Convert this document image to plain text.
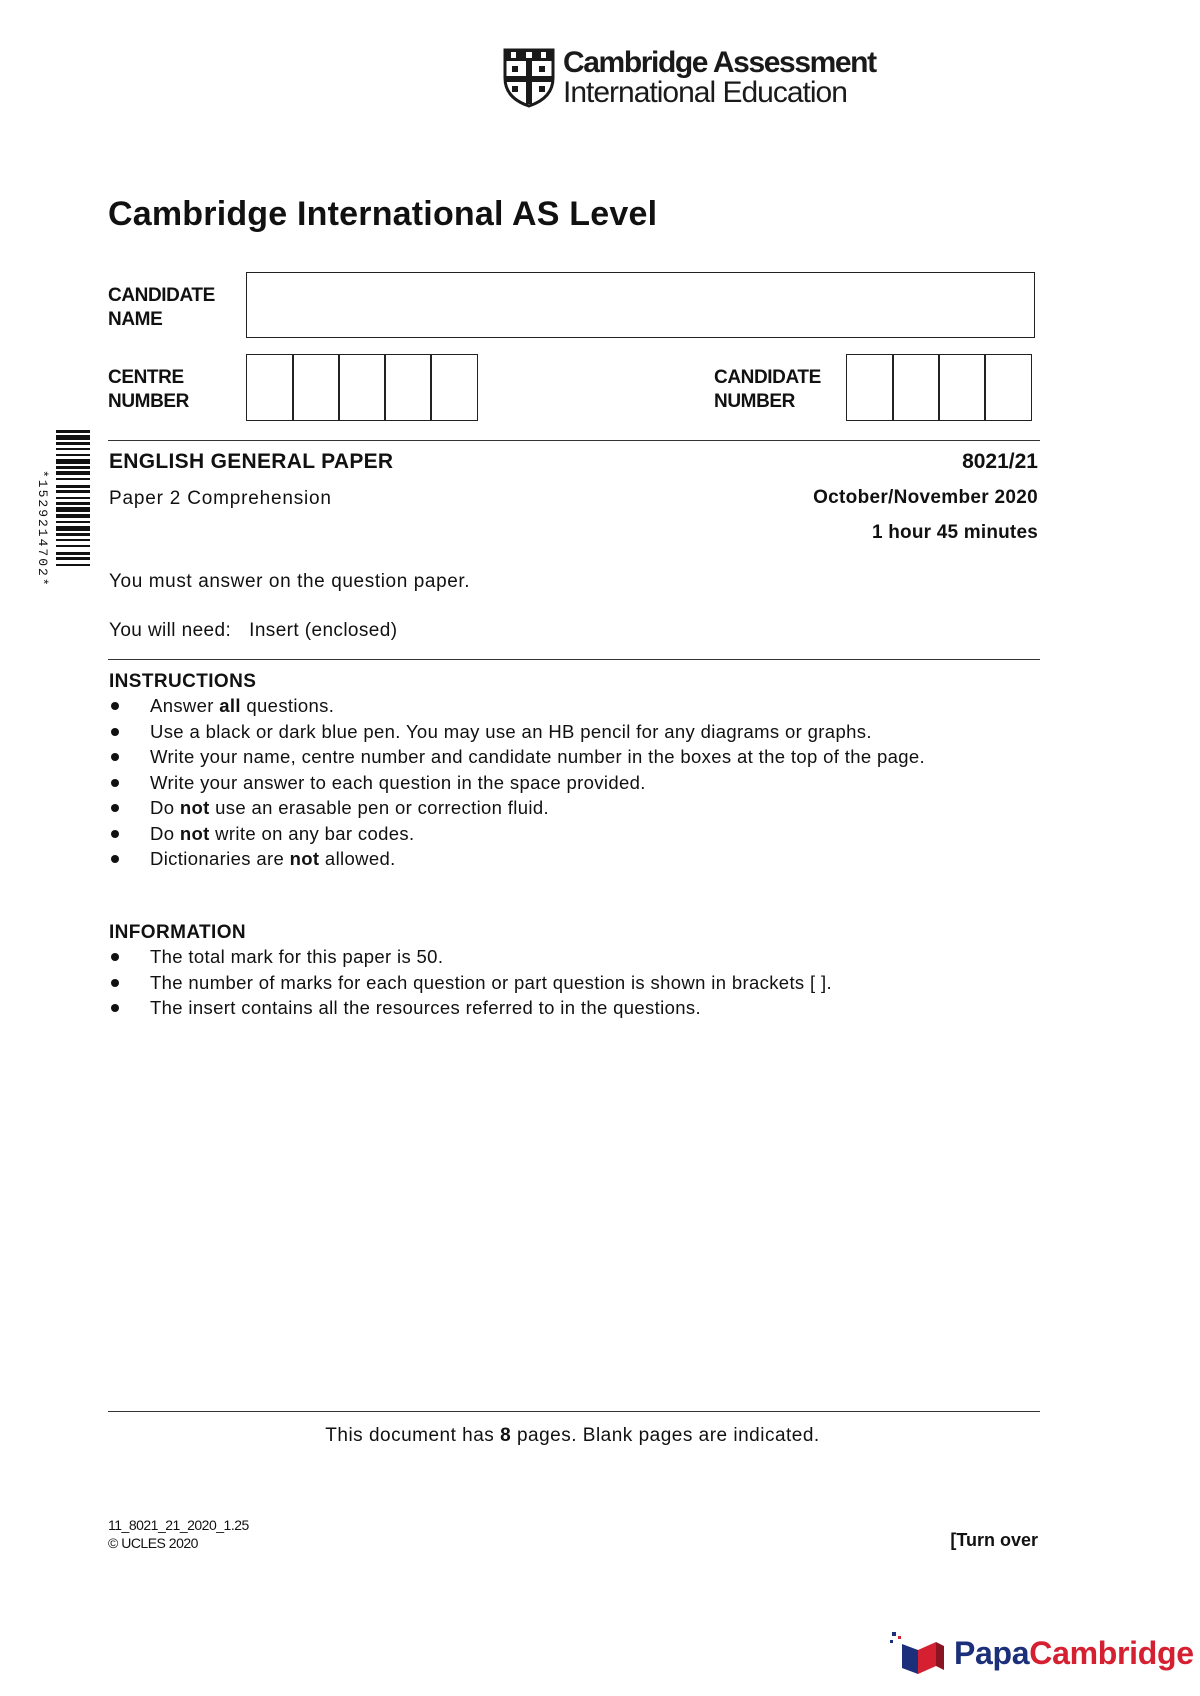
Cambridge Assessment
International Education
Cambridge International AS Level
CANDIDATE
NAME
CENTRE
NUMBER
CANDIDATE
NUMBER
*1529214702*
ENGLISH GENERAL PAPER	8021/21
Paper 2 Comprehension	October/November 2020
1 hour 45 minutes
You must answer on the question paper.
You will need: Insert (enclosed)
INSTRUCTIONS
Answer all questions.
Use a black or dark blue pen. You may use an HB pencil for any diagrams or graphs.
Write your name, centre number and candidate number in the boxes at the top of the page.
Write your answer to each question in the space provided.
Do not use an erasable pen or correction fluid.
Do not write on any bar codes.
Dictionaries are not allowed.
INFORMATION
The total mark for this paper is 50.
The number of marks for each question or part question is shown in brackets [ ].
The insert contains all the resources referred to in the questions.
This document has 8 pages. Blank pages are indicated.
11_8021_21_2020_1.25
© UCLES 2020	[Turn over
PapaCambridge
